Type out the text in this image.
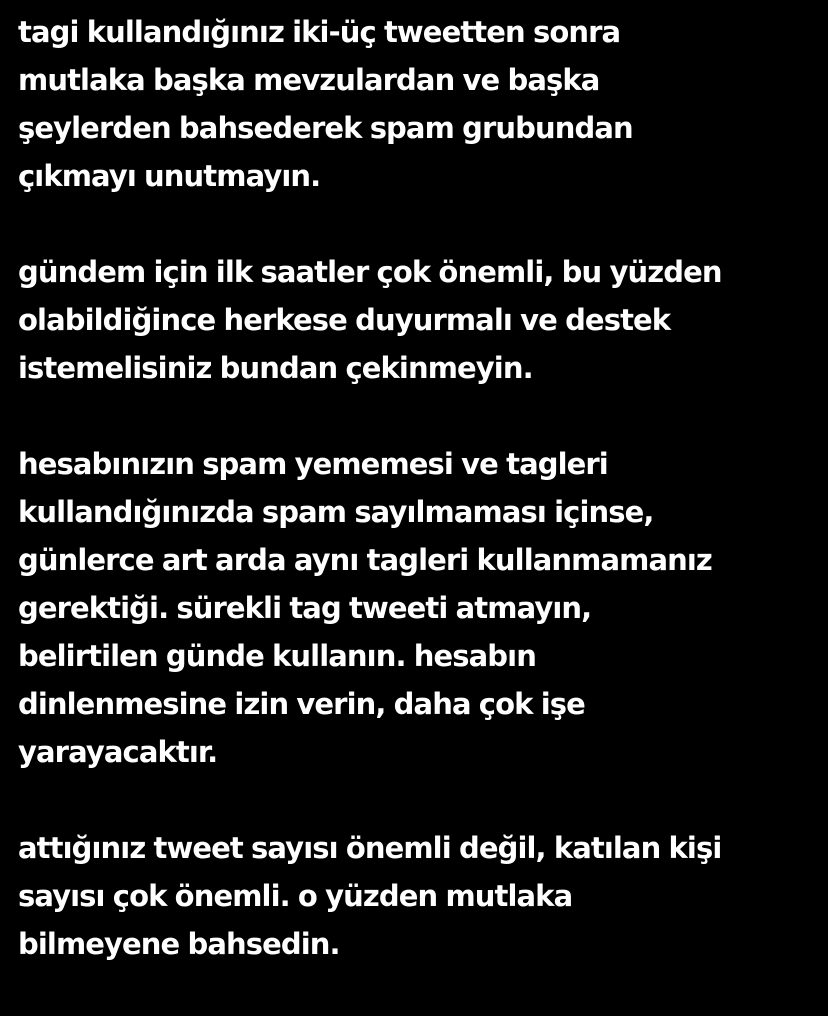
tagi kullandığınız iki-üç tweetten sonra
mutlaka başka mevzulardan ve başka
şeylerden bahsederek spam grubundan
çıkmayı unutmayın.

gündem için ilk saatler çok önemli, bu yüzden
olabildiğince herkese duyurmalı ve destek
istemelisiniz bundan çekinmeyin.

hesabınızın spam yememesi ve tagleri
kullandığınızda spam sayılmaması içinse,
günlerce art arda aynı tagleri kullanmamanız
gerektiği. sürekli tag tweeti atmayın,
belirtilen günde kullanın. hesabın
dinlenmesine izin verin, daha çok işe
yarayacaktır.

attığınız tweet sayısı önemli değil, katılan kişi
sayısı çok önemli. o yüzden mutlaka
bilmeyene bahsedin.
